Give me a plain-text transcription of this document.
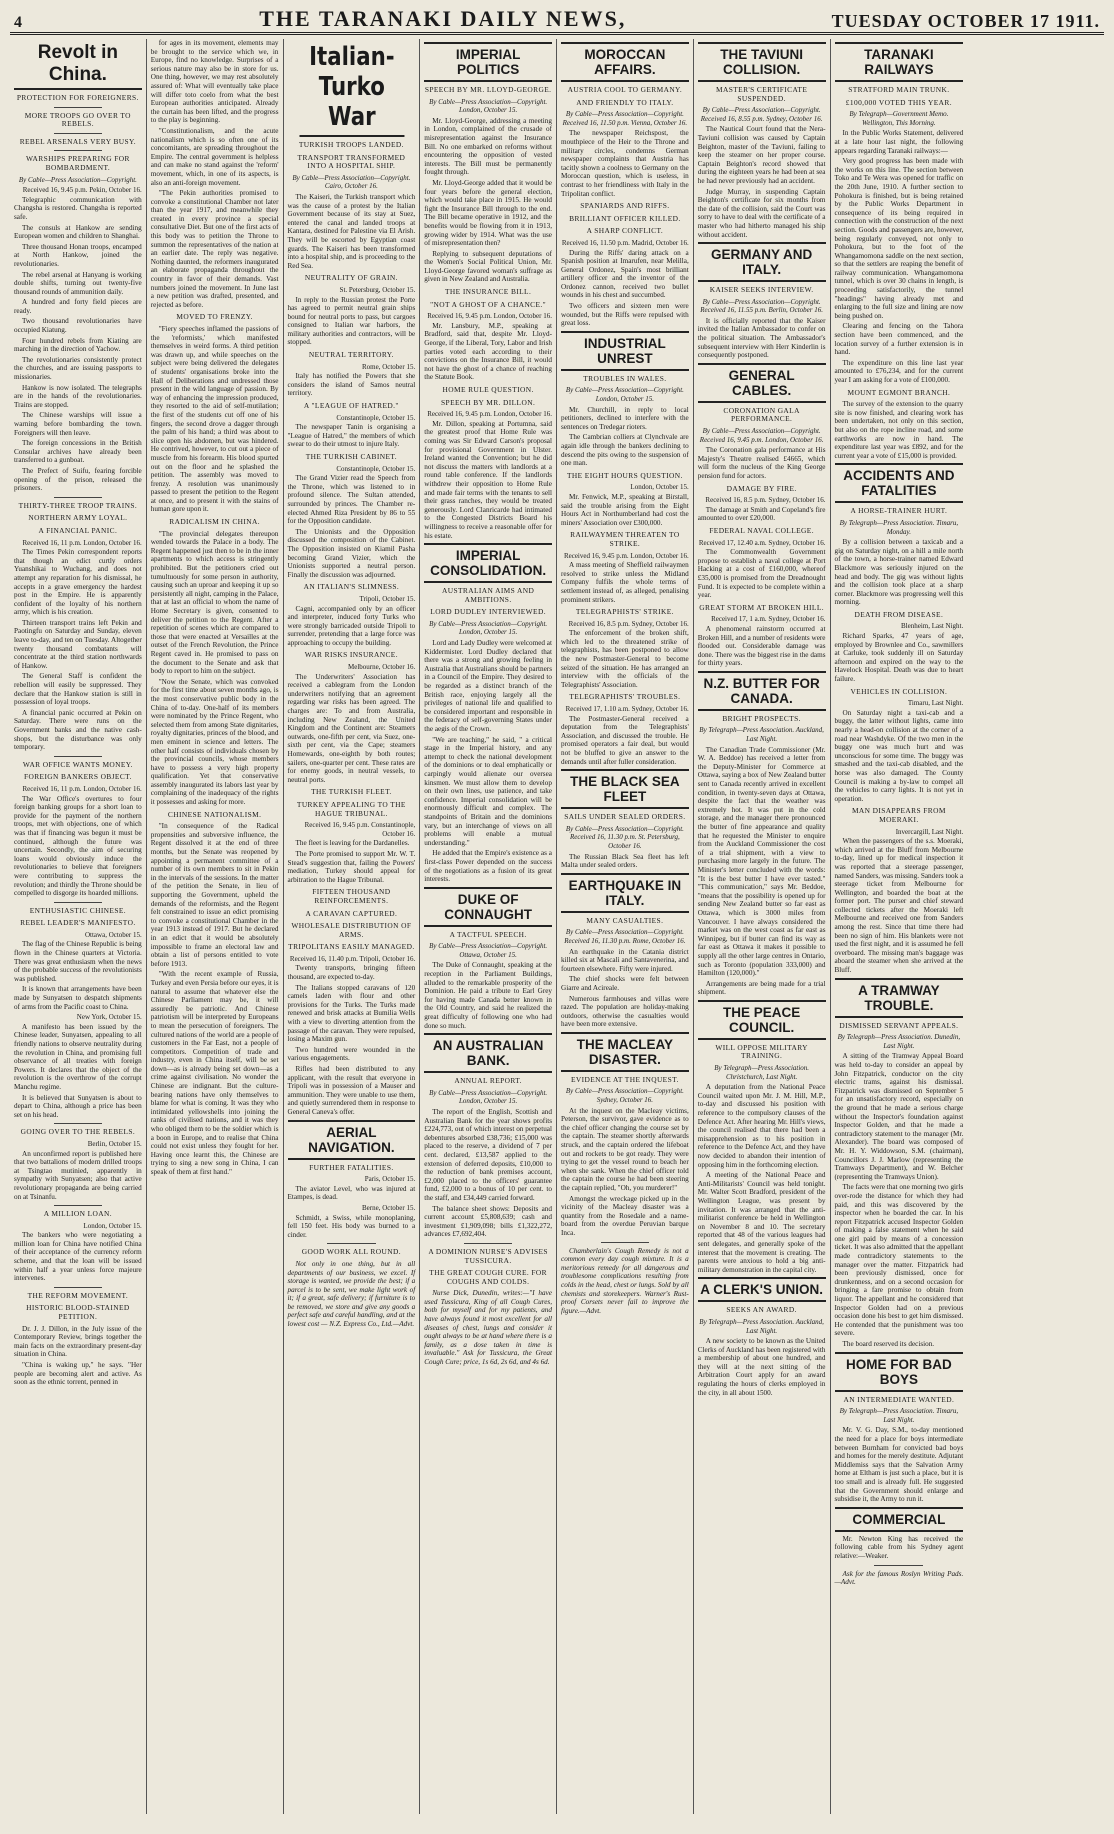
4	THE TARANAKI DAILY NEWS,	TUESDAY OCTOBER 17 1911.
Revolt in China.
PROTECTION FOR FOREIGNERS.
MORE TROOPS GO OVER TO REBELS.
REBEL ARSENALS VERY BUSY.
WARSHIPS PREPARING FOR BOMBARDMENT.
By Cable—Press Association—Copyright.
Received 16, 9.45 p.m. Pekin, October 16.

Telegraphic communication with Changsha is restored. Changsha is reported safe.

The consuls at Hankow are sending European women and children to Shanghai.

Three thousand Honan troops, encamped at North Hankow, joined the revolutionaries.

The rebel arsenal at Hanyang is working double shifts, turning out twenty-five thousand rounds of ammunition daily.

A hundred and forty field pieces are ready.

Two thousand revolutionaries have occupied Kiatung.

Four hundred rebels from Kiating are marching in the direction of Yachow.

The revolutionaries consistently protect the churches, and are issuing passports to missionaries.

Hankow is now isolated. The telegraphs are in the hands of the revolutionaries. Trains are stopped.

The Chinese warships will issue a warning before bombarding the town. Foreigners will then leave.

The foreign concessions in the British Consular archives have already been transferred to a gunboat.

The Prefect of Suifu, fearing forcible opening of the prison, released the prisoners.

THIRTY-THREE TROOP TRAINS.
NORTHERN ARMY LOYAL.
A FINANCIAL PANIC.
Received 16, 11 p.m. London, October 16.

The Times Pekin correspondent reports that though an edict curtly orders Yuanshikai to Wuchang, and does not attempt any reparation for his dismissal, he accepts in a grave emergency the hardest post in the Empire. He is apparently confident of the loyalty of his northern army, which is his creation.

Thirteen transport trains left Pekin and Paotingfu on Saturday and Sunday, eleven leave to-day, and ten on Tuesday. Altogether twenty thousand combatants will concentrate at the third station northwards of Hankow.

The General Staff is confident the rebellion will easily be suppressed. They declare that the Hankow station is still in possession of loyal troops.

A financial panic occurred at Pekin on Saturday. There were runs on the Government banks and the native cash-shops, but the disturbance was only temporary.

WAR OFFICE WANTS MONEY.
FOREIGN BANKERS OBJECT.
Received 16, 11 p.m. London, October 16.

The War Office's overtures to four foreign banking groups for a short loan to provide for the payment of the northern troops, met with objections, one of which was that if financing was begun it must be continued, although the future was uncertain. Secondly, the aim of securing loans would obviously induce the revolutionaries to believe that foreigners were contributing to suppress the revolution; and thirdly the Throne should be compelled to disgorge its hoarded millions.

ENTHUSIASTIC CHINESE.
REBEL LEADER'S MANIFESTO.
Ottawa, October 15.

The flag of the Chinese Republic is being flown in the Chinese quarters at Victoria. There was great enthusiasm when the news of the probable success of the revolutionists was published.

It is known that arrangements have been made by Sunyatsen to despatch shipments of arms from the Pacific coast to China.

New York, October 15.

A manifesto has been issued by the Chinese leader, Sunyatsen, appealing to all friendly nations to observe neutrality during the revolution in China, and promising full observance of all treaties with foreign Powers. It declares that the object of the revolution is the overthrow of the corrupt Manchu regime.

It is believed that Sunyatsen is about to depart to China, although a price has been set on his head.

GOING OVER TO THE REBELS.
Berlin, October 15.

An unconfirmed report is published here that two battalions of modern drilled troops at Tsingtao mutinied, apparently in sympathy with Sunyatsen; also that active revolutionary propaganda are being carried on at Tsinanfu.

A MILLION LOAN.
London, October 15.

The bankers who were negotiating a million loan for China have notified China of their acceptance of the currency reform scheme, and that the loan will be issued within half a year unless force majeure intervenes.

THE REFORM MOVEMENT.
HISTORIC BLOOD-STAINED PETITION.

Dr. J. J. Dillon, in the July issue of the Contemporary Review, brings together the main facts on the extraordinary present-day situation in China.

"China is waking up," he says. "Her people are becoming alert and active. As soon as the ethnic torrent, penned in

for ages in its movement, elements may be brought to the service which we, in Europe, find no knowledge. Surprises of a serious nature may also be in store for us. One thing, however, we may rest absolutely assured of: What will eventually take place will differ toto coelo from what the best European authorities anticipated. Already the curtain has been lifted, and the progress to the play is beginning.

"Constitutionalism, and the acute nationalism which is so often one of its concomitants, are spreading throughout the Empire. The central government is helpless and can make no stand against the 'reform' movement, which, in one of its aspects, is also an anti-foreign movement.

"The Pekin authorities promised to convoke a constitutional Chamber not later than the year 1917, and meanwhile they created in every province a special consultative Diet. But one of the first acts of this body was to petition the Throne to summon the representatives of the nation at an earlier date. The reply was negative. Nothing daunted, the reformers inaugurated an elaborate propaganda throughout the country in favor of their demands. Vast numbers joined the movement. In June last a new petition was drafted, presented, and rejected as before.

MOVED TO FRENZY.

"Fiery speeches inflamed the passions of the 'reformists,' which manifested themselves in weird forms. A third petition was drawn up, and while speeches on the subject were being delivered the delegates of students' organisations broke into the Hall of Deliberations and undressed those present in the wild language of passion. By way of enhancing the impression produced, they resorted to the aid of self-mutilation; the first of the students cut off one of his fingers, the second drove a dagger through the palm of his hand; a third was about to slice open his abdomen, but was hindered. He contrived, however, to cut out a piece of muscle from his forearm. His blood spurted out on the floor and he splashed the petition. The assembly was moved to frenzy. A resolution was unanimously passed to present the petition to the Regent at once, and to present it with the stains of human gore upon it.

RADICALISM IN CHINA.

"The provincial delegates thereupon wended towards the Palace in a body. The Regent happened just then to be in the inner apartments to which access is stringently prohibited. But the petitioners cried out tumultuously for some person in authority, causing such an uproar and keeping it up so persistently all night, camping in the Palace, that at last an official to whom the name of Home Secretary is given, consented to deliver the petition to the Regent. After a repetition of scenes which are compared to those that were enacted at Versailles at the outset of the French Revolution, the Prince Regent caved in. He promised to pass on the document to the Senate and ask that body to report to him on the subject.

"Now the Senate, which was convoked for the first time about seven months ago, is the most conservative public body in the China of to-day. One-half of its members were nominated by the Prince Regent, who selected them from among State dignitaries, royalty dignitaries, princes of the blood, and men eminent in science and letters. The other half consists of individuals chosen by the provincial councils, whose members have to possess a very high property qualification. Yet that conservative assembly inaugurated its labors last year by complaining of the inadequacy of the rights it possesses and asking for more.

CHINESE NATIONALISM.

"In consequence of the Radical propensities and subversive influence, the Regent dissolved it at the end of three months, but the Senate was reopened by appointing a permanent committee of a number of its own members to sit in Pekin in the intervals of the sessions. In the matter of the petition the Senate, in lieu of supporting the Government, upheld the demands of the reformists, and the Regent felt constrained to issue an edict promising to convoke a constitutional Chamber in the year 1913 instead of 1917. But he declared in an edict that it would be absolutely impossible to frame an electoral law and obtain a list of persons entitled to vote before 1913.

"With the recent example of Russia, Turkey and even Persia before our eyes, it is natural to assume that whatever else the Chinese Parliament may be, it will assuredly be patriotic. And Chinese patriotism will be interpreted by Europeans to mean the persecution of foreigners. The cultured nations of the world are a people of customers in the Far East, not a people of competitors. Competition of trade and industry, even in China itself, will be set down—as is already being set down—as a crime against civilisation. No wonder the Chinese are indignant. But the culture-bearing nations have only themselves to blame for what is coming. It was they who intimidated yellowshells into joining the ranks of civilised nations, and it was they who obliged them to be the soldier which is a boon in Europe, and to realise that China could not exist unless they fought for her. Having once learnt this, the Chinese are trying to sing a new song in China, I can speak of them at first hand."

Italian-Turko War
TURKISH TROOPS LANDED.
TRANSPORT TRANSFORMED INTO A HOSPITAL SHIP.
By Cable—Press Association—Copyright. Cairo, October 16.

The Kaiseri, the Turkish transport which was the cause of a protest by the Italian Government because of its stay at Suez, entered the canal and landed troops at Kantara, destined for Palestine via El Arish. They will be escorted by Egyptian coast guards. The Kaiseri has been transformed into a hospital ship, and is proceeding to the Red Sea.

NEUTRALITY OF GRAIN.
St. Petersburg, October 15.

In reply to the Russian protest the Porte has agreed to permit neutral grain ships bound for neutral ports to pass, but cargoes consigned to Italian war harbors, the military authorities and contractors, will be stopped.

NEUTRAL TERRITORY.
Rome, October 15.

Italy has notified the Powers that she considers the island of Samos neutral territory.

A "LEAGUE OF HATRED."
Constantinople, October 15.

The newspaper Tanin is organising a "League of Hatred," the members of which swear to do their utmost to injure Italy.

THE TURKISH CABINET.
Constantinople, October 15.

The Grand Vizier read the Speech from the Throne, which was listened to in profound silence. The Sultan attended, surrounded by princes. The Chamber re-elected Ahmed Riza President by 86 to 55 for the Opposition candidate.

The Unionists and the Opposition discussed the composition of the Cabinet. The Opposition insisted on Kiamil Pasha becoming Grand Vizier, which the Unionists supported a neutral person. Finally the discussion was adjourned.

AN ITALIAN'S SLIMNESS.
Tripoli, October 15.

Cagni, accompanied only by an officer and interpreter, induced forty Turks who were strongly barricaded outside Tripoli to surrender, pretending that a large force was approaching to occupy the building.

WAR RISKS INSURANCE.
Melbourne, October 16.

The Underwriters' Association has received a cablegram from the London underwriters notifying that an agreement regarding war risks has been agreed. The charges are: To and from Australia, including New Zealand, the United Kingdom and the Continent are: Steamers outwards, one-fifth per cent, via Suez, one-sixth per cent, via the Cape; steamers Homewards, one-eighth by both routes; sailers, one-quarter per cent. These rates are for enemy goods, in neutral vessels, to neutral ports.

THE TURKISH FLEET.
TURKEY APPEALING TO THE HAGUE TRIBUNAL.
Received 16, 9.45 p.m. Constantinople, October 16.

The fleet is leaving for the Dardanelles.

The Porte promised to support Mr. W. T. Stead's suggestion that, failing the Powers' mediation, Turkey should appeal for arbitration to the Hague Tribunal.

FIFTEEN THOUSAND REINFORCEMENTS.
A CARAVAN CAPTURED.
WHOLESALE DISTRIBUTION OF ARMS.
TRIPOLITANS EASILY MANAGED.
Received 16, 11.40 p.m. Tripoli, October 16.

Twenty transports, bringing fifteen thousand, are expected to-day.

The Italians stopped caravans of 120 camels laden with flour and other provisions for the Turks. The Turks made renewed and brisk attacks at Bumilia Wells with a view to diverting attention from the passage of the caravan. They were repulsed, losing a Maxim gun.

Two hundred were wounded in the various engagements.

Rifles had been distributed to any applicant, with the result that everyone in Tripoli was in possession of a Mauser and ammunition. They were unable to use them, and quietly surrendered them in response to General Caneva's offer.

AERIAL NAVIGATION.
FURTHER FATALITIES.
Paris, October 15.

The aviator Level, who was injured at Etampes, is dead.

Berne, October 15.

Schmidt, a Swiss, while monoplaning, fell 150 feet. His body was burned to a cinder.

GOOD WORK ALL ROUND.

Not only in one thing, but in all departments of our business, we excel. If storage is wanted, we provide the best; if a parcel is to be sent, we make light work of it; if a great, safe delivery; if furniture is to be removed, we store and give any goods a perfect safe and careful handling, and at the lowest cost — N.Z. Express Co., Ltd.—Advt.

IMPERIAL POLITICS
SPEECH BY MR. LLOYD-GEORGE.
By Cable—Press Association—Copyright. London, October 15.

Mr. Lloyd-George, addressing a meeting in London, complained of the crusade of misrepresentation against the Insurance Bill. No one embarked on reforms without encountering the opposition of vested interests. The Bill must be permanently fought through.

Mr. Lloyd-George added that it would be four years before the general election, which would take place in 1915. He would fight the Insurance Bill through to the end. The Bill became operative in 1912, and the benefits would be flowing from it in 1913, growing wider by 1914. What was the use of misrepresentation then?

Replying to subsequent deputations of the Women's Social Political Union, Mr. Lloyd-George favored woman's suffrage as given in New Zealand and Australia.

THE INSURANCE BILL.
"NOT A GHOST OF A CHANCE."
Received 16, 9.45 p.m. London, October 16.

Mr. Lansbury, M.P., speaking at Bradford, said that, despite Mr. Lloyd-George, if the Liberal, Tory, Labor and Irish parties voted each according to their convictions on the Insurance Bill, it would not have the ghost of a chance of reaching the Statute Book.

HOME RULE QUESTION.
SPEECH BY MR. DILLON.
Received 16, 9.45 p.m. London, October 16.

Mr. Dillon, speaking at Portumna, said the greatest proof that Home Rule was coming was Sir Edward Carson's proposal for provisional Government in Ulster. Ireland wanted the Convention; but he did not discuss the matters with landlords at a round table conference. If the landlords withdrew their opposition to Home Rule and made fair terms with the tenants to sell their grass ranches, they would be treated generously. Lord Clanricarde had intimated to the Congested Districts Board his willingness to receive a reasonable offer for his estate.

IMPERIAL CONSOLIDATION.
AUSTRALIAN AIMS AND AMBITIONS.
LORD DUDLEY INTERVIEWED.
By Cable—Press Association—Copyright. London, October 15.

Lord and Lady Dudley were welcomed at Kiddermister. Lord Dudley declared that there was a strong and growing feeling in Australia that Australians should be partners in a Council of the Empire. They desired to be regarded as a distinct branch of the British race, enjoying largely all the privileges of national life and qualified to be considered important and responsible in the federacy of self-governing States under the aegis of the Crown.

"We are teaching," he said, " a critical stage in the Imperial history, and any attempt to check the national development of the dominions or to deal emphatically or carpingly would alienate our oversea kinsmen. We must allow them to develop on their own lines, use patience, and take confidence. Imperial consolidation will be enormously difficult and complex. The standpoints of Britain and the dominions vary, but an interchange of views on all problems will enable a mutual understanding."

He added that the Empire's existence as a first-class Power depended on the success of the negotiations as a fusion of its great interests.

DUKE OF CONNAUGHT
A TACTFUL SPEECH.
By Cable—Press Association—Copyright. Ottawa, October 15.

The Duke of Connaught, speaking at the reception in the Parliament Buildings, alluded to the remarkable prosperity of the Dominion. He paid a tribute to Earl Grey for having made Canada better known in the Old Country, and said he realized the great difficulty of following one who had done so much.

AN AUSTRALIAN BANK.
ANNUAL REPORT.
By Cable—Press Association—Copyright. London, October 15.

The report of the English, Scottish and Australian Bank for the year shows profits £224,773, out of which interest on perpetual debentures absorbed £38,736; £15,000 was placed to the reserve, a dividend of 7 per cent. declared, £13,587 applied to the extension of deferred deposits, £10,000 to the reduction of bank premises account, £2,000 placed to the officers' guarantee fund, £2,000 to a bonus of 10 per cent. to the staff, and £34,449 carried forward.

The balance sheet shows: Deposits and current account £5,808,639; cash and investment £1,909,098; bills £1,322,272, advances £7,692,404.

A DOMINION NURSE'S ADVISES TUSSICURA.
THE GREAT COUGH CURE. FOR COUGHS AND COLDS.

Nurse Dick, Dunedin, writes:—"I have used Tussicura, King of all Cough Cures, both for myself and for my patients, and have always found it most excellent for all diseases of chest, lungs and consider it ought always to be at hand where there is a family, as a dose taken in time is invaluable." Ask for Tussicura, the Great Cough Cure; price, 1s 6d, 2s 6d, and 4s 6d.

MOROCCAN AFFAIRS.
AUSTRIA COOL TO GERMANY.
AND FRIENDLY TO ITALY.
By Cable—Press Association—Copyright. Received 16, 11.50 p.m. Vienna, October 16.

The newspaper Reichspost, the mouthpiece of the Heir to the Throne and military circles, condemns German newspaper complaints that Austria has tacitly shown a coolness to Germany on the Moroccan question, which is useless, in contrast to her friendliness with Italy in the Tripolitan conflict.

SPANIARDS AND RIFFS.
BRILLIANT OFFICER KILLED.
A SHARP CONFLICT.
Received 16, 11.50 p.m. Madrid, October 16.

During the Riffs' daring attack on a Spanish position at Imarufen, near Melilla, General Ordonez, Spain's most brilliant artillery officer and the inventor of the Ordonez cannon, received two bullet wounds in his chest and succumbed.

Two officers and sixteen men were wounded, but the Riffs were repulsed with great loss.

INDUSTRIAL UNREST
TROUBLES IN WALES.
By Cable—Press Association—Copyright. London, October 15.

Mr. Churchill, in reply to local petitioners, declined to interfere with the sentences on Tredegar rioters.

The Cambrian colliers at Clynchvale are again idle through the bankers declining to descend the pits owing to the suspension of one man.

THE EIGHT HOURS QUESTION.
London, October 15.

Mr. Fenwick, M.P., speaking at Birstall, said the trouble arising from the Eight Hours Act in Northumberland had cost the miners' Association over £300,000.

RAILWAYMEN THREATEN TO STRIKE.
Received 16, 9.45 p.m. London, October 16.

A mass meeting of Sheffield railwaymen resolved to strike unless the Midland Company fulfils the whole terms of settlement instead of, as alleged, penalising prominent strikers.

TELEGRAPHISTS' STRIKE.
Received 16, 8.5 p.m. Sydney, October 16.

The enforcement of the broken shift, which led to the threatened strike of telegraphists, has been postponed to allow the new Postmaster-General to become seized of the situation. He has arranged an interview with the officials of the Telegraphists' Association.

TELEGRAPHISTS' TROUBLES.
Received 17, 1.10 a.m. Sydney, October 16.

The Postmaster-General received a deputation from the Telegraphists' Association, and discussed the trouble. He promised operators a fair deal, but would not be bluffed to give an answer to the demands until after fuller consideration.

THE BLACK SEA FLEET
SAILS UNDER SEALED ORDERS.
By Cable—Press Association—Copyright. Received 16, 11.30 p.m. St. Petersburg, October 16.

The Russian Black Sea fleet has left Malta under sealed orders.

EARTHQUAKE IN ITALY.
MANY CASUALTIES.
By Cable—Press Association—Copyright. Received 16, 11.30 p.m. Rome, October 16.

An earthquake in the Catania district killed six at Mascalì and Santavenerina, and fourteen elsewhere. Fifty were injured.

The chief shocks were felt between Giarre and Acireale.

Numerous farmhouses and villas were razed. The population are holiday-making outdoors, otherwise the casualties would have been more extensive.

THE MACLEAY DISASTER.
EVIDENCE AT THE INQUEST.
By Cable—Press Association—Copyright. Sydney, October 16.

At the inquest on the Macleay victims, Peterson, the survivor, gave evidence as to the chief officer changing the course set by the captain. The steamer shortly afterwards struck, and the captain ordered the lifeboat out and rockets to be got ready. They were trying to get the vessel round to beach her when she sank. When the chief officer told the captain the course he had been steering the captain replied, "Oh, you murderer!"

Amongst the wreckage picked up in the vicinity of the Macleay disaster was a quantity from the Rosedale and a name-board from the overdue Peruvian barque Inca.

Chamberlain's Cough Remedy is not a common every day cough mixture. It is a meritorious remedy for all dangerous and troublesome complications resulting from colds in the head, chest or lungs. Sold by all chemists and storekeepers. Warner's Rust-proof Corsets never fail to improve the figure.—Advt.

THE TAVIUNI COLLISION.
MASTER'S CERTIFICATE SUSPENDED.
By Cable—Press Association—Copyright. Received 16, 8.55 p.m. Sydney, October 16.

The Nautical Court found that the Nera-Taviuni collision was caused by Captain Beighton, master of the Taviuni, failing to keep the steamer on her proper course. Captain Beighton's record showed that during the eighteen years he had been at sea he had never previously had an accident.

Judge Murray, in suspending Captain Beighton's certificate for six months from the date of the collision, said the Court was sorry to have to deal with the certificate of a master who had hitherto managed his ship without accident.

GERMANY AND ITALY.
KAISER SEEKS INTERVIEW.
By Cable—Press Association—Copyright. Received 16, 11.55 p.m. Berlin, October 16.

It is officially reported that the Kaiser invited the Italian Ambassador to confer on the political situation. The Ambassador's subsequent interview with Herr Kinderlin is consequently postponed.

GENERAL CABLES.
CORONATION GALA PERFORMANCE.
By Cable—Press Association—Copyright. Received 16, 9.45 p.m. London, October 16.

The Coronation gala performance at His Majesty's Theatre realised £4665, which will form the nucleus of the King George pension fund for actors.

DAMAGE BY FIRE.
Received 16, 8.5 p.m. Sydney, October 16.

The damage at Smith and Copeland's fire amounted to over £20,000.

FEDERAL NAVAL COLLEGE.
Received 17, 12.40 a.m. Sydney, October 16.

The Commonwealth Government propose to establish a naval college at Port Hacking at a cost of £160,000, whereof £35,000 is promised from the Dreadnought Fund. It is expected to be complete within a year.

GREAT STORM AT BROKEN HILL.
Received 17, 1 a.m. Sydney, October 16.

A phenomenal rainstorm occurred at Broken Hill, and a number of residents were flooded out. Considerable damage was done. There was the biggest rise in the dams for thirty years.

N.Z. BUTTER FOR CANADA.
BRIGHT PROSPECTS.
By Telegraph—Press Association. Auckland, Last Night.

The Canadian Trade Commissioner (Mr. W. A. Beddoe) has received a letter from the Deputy-Minister for Commerce at Ottawa, saying a box of New Zealand butter sent to Canada recently arrived in excellent condition, in twenty-seven days at Ottawa, despite the fact that the weather was extremely hot. It was put in the cold storage, and the manager there pronounced the butter of fine appearance and quality that he requested the Minister to enquire from the Auckland Commissioner the cost of a trial shipment, with a view to purchasing more largely in the future. The Minister's letter concluded with the words: "It is the best butter I have ever tasted." "This communication," says Mr. Beddoe, "means that the possibility is opened up for sending New Zealand butter so far east as Ottawa, which is 3000 miles from Vancouver. I have always considered the market was on the west coast as far east as Winnipeg, but if butter can find its way as far east as Ottawa it makes it possible to supply all the other large centres in Ontario, such as Toronto (population 333,000) and Hamilton (120,000)."

Arrangements are being made for a trial shipment.

THE PEACE COUNCIL.
WILL OPPOSE MILITARY TRAINING.
By Telegraph—Press Association. Christchurch, Last Night.

A deputation from the National Peace Council waited upon Mr. J. M. Hill, M.P., to-day and discussed his position with reference to the compulsory clauses of the Defence Act. After hearing Mr. Hill's views, the council realised that there had been a misapprehension as to his position in reference to the Defence Act, and they have now decided to abandon their intention of opposing him in the forthcoming election.

A meeting of the National Peace and Anti-Militarists' Council was held tonight. Mr. Walter Scott Bradford, president of the Wellington League, was present by invitation. It was arranged that the anti-militarist conference be held in Wellington on November 8 and 10. The secretary reported that 48 of the various leagues had sent delegates, and generally spoke of the interest that the movement is creating. The parents were anxious to hold a big anti-military demonstration in the capital city.

A CLERK'S UNION.
SEEKS AN AWARD.
By Telegraph—Press Association. Auckland, Last Night.

A new society to be known as the United Clerks of Auckland has been registered with a membership of about one hundred, and they will at the next sitting of the Arbitration Court apply for an award regulating the hours of clerks employed in the city, in all about 1500.

TARANAKI RAILWAYS
STRATFORD MAIN TRUNK.
£100,000 VOTED THIS YEAR.
By Telegraph—Government Memo. Wellington, This Morning.

In the Public Works Statement, delivered at a late hour last night, the following appears regarding Taranaki railways:—

Very good progress has been made with the works on this line. The section between Toko and Te Wera was opened for traffic on the 20th June, 1910. A further section to Pohokura is finished, but is being retained by the Public Works Department in consequence of its being required in connection with the construction of the next section. Goods and passengers are, however, being regularly conveyed, not only to Pohokura, but to the foot of the Whangamomona saddle on the next section, so that the settlers are reaping the benefit of railway communication. Whangamomona tunnel, which is over 30 chains in length, is proceeding satisfactorily, the tunnel "headings" having already met and enlarging to the full size and lining are now being pushed on.

Clearing and fencing on the Tahora section have been commenced, and the location survey of a further extension is in hand.

The expenditure on this line last year amounted to £76,234, and for the current year I am asking for a vote of £100,000.

MOUNT EGMONT BRANCH.

The survey of the extension to the quarry site is now finished, and clearing work has been undertaken, not only on this section, but also on the rope incline road, and some earthworks are now in hand. The expenditure last year was £892, and for the current year a vote of £15,000 is provided.

ACCIDENTS AND FATALITIES
A HORSE-TRAINER HURT.
By Telegraph—Press Association. Timaru, Monday.

By a collision between a taxicab and a gig on Saturday night, on a hill a mile north of the town, a horse-trainer named Edward Blackmore was seriously injured on the head and body. The gig was without lights and the collision took place at a sharp corner. Blackmore was progressing well this morning.

DEATH FROM DISEASE.
Blenheim, Last Night.

Richard Sparks, 47 years of age, employed by Brownlee and Co., sawmillers at Carluke, took suddenly ill on Saturday afternoon and expired on the way to the Havelock Hospital. Death was due to heart failure.

VEHICLES IN COLLISION.
Timaru, Last Night.

On Saturday night a taxi-cab and a buggy, the latter without lights, came into nearly a head-on collision at the corner of a road near Washdyke. Of the two men in the buggy one was much hurt and was unconscious for some time. The buggy was smashed and the taxi-cab disabled, and the horse was also damaged. The County Council is making a by-law to compel all the vehicles to carry lights. It is not yet in operation.

MAN DISAPPEARS FROM MOERAKI.
Invercargill, Last Night.

When the passengers of the s.s. Moeraki, which arrived at the Bluff from Melbourne to-day, lined up for medical inspection it was reported that a steerage passenger, named Sanders, was missing. Sanders took a steerage ticket from Melbourne for Wellington, and boarded the boat at the former port. The purser and chief steward collected tickets after the Moeraki left Melbourne and received one from Sanders among the rest. Since that time there had been no sign of him. His blankets were not used the first night, and it is assumed he fell overboard. The missing man's baggage was aboard the steamer when she arrived at the Bluff.

A TRAMWAY TROUBLE.
DISMISSED SERVANT APPEALS.
By Telegraph—Press Association. Dunedin, Last Night.

A sitting of the Tramway Appeal Board was held to-day to consider an appeal by John Fitzpatrick, conductor on the city electric trams, against his dismissal. Fitzpatrick was dismissed on September 5 for an unsatisfactory record, especially on the ground that he made a serious charge without the Inspector's foundation against Inspector Golden, and that he made a contradictory statement to the manager (Mr. Alexander). The board was composed of Mr. H. Y. Widdowson, S.M. (chairman), Councillors J. J. Marlow (representing the Tramways Department), and W. Belcher (representing the Tramways Union).

The facts were that one morning two girls over-rode the distance for which they had paid, and this was discovered by the inspector when he boarded the car. In his report Fitzpatrick accused Inspector Golden of making a false statement when he said one girl paid by means of a concession ticket. It was also admitted that the appellant made contradictory statements to the manager over the matter. Fitzpatrick had been previously dismissed, once for drunkenness, and on a second occasion for bringing a fare promise to obtain from liquor. The appellant and he considered that Inspector Golden had on a previous occasion done his best to get him dismissed. He contended that the punishment was too severe.

The board reserved its decision.

HOME FOR BAD BOYS
AN INTERMEDIATE WANTED.
By Telegraph—Press Association. Timaru, Last Night.

Mr. V. G. Day, S.M., to-day mentioned the need for a place for boys intermediate between Burnham for convicted bad boys and homes for the merely destitute. Adjutant Middlemiss says that the Salvation Army home at Eltham is just such a place, but it is too small and is already full. He suggested that the Government should enlarge and subsidise it, the Army to run it.

COMMERCIAL

Mr. Newton King has received the following cable from his Sydney agent relative:—Weaker.

Ask for the famous Roslyn Writing Pads.—Advt.
